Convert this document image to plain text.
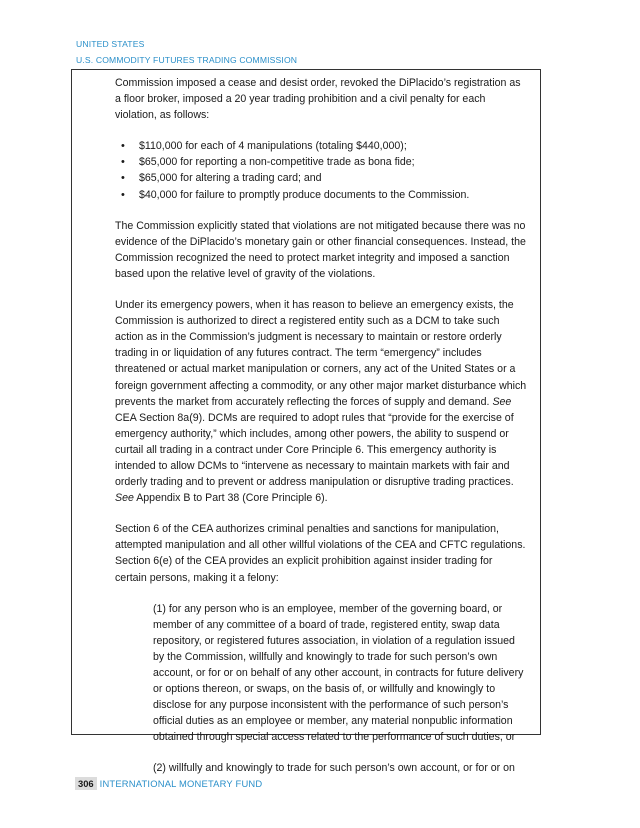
UNITED STATES
U.S. COMMODITY FUTURES TRADING COMMISSION

Commission imposed a cease and desist order, revoked the DiPlacido’s registration as a floor broker, imposed a 20 year trading prohibition and a civil penalty for each violation, as follows:

• $110,000 for each of 4 manipulations (totaling $440,000);
• $65,000 for reporting a non-competitive trade as bona fide;
• $65,000 for altering a trading card; and
• $40,000 for failure to promptly produce documents to the Commission.

The Commission explicitly stated that violations are not mitigated because there was no evidence of the DiPlacido’s monetary gain or other financial consequences. Instead, the Commission recognized the need to protect market integrity and imposed a sanction based upon the relative level of gravity of the violations.

Under its emergency powers, when it has reason to believe an emergency exists, the Commission is authorized to direct a registered entity such as a DCM to take such action as in the Commission’s judgment is necessary to maintain or restore orderly trading in or liquidation of any futures contract. The term “emergency” includes threatened or actual market manipulation or corners, any act of the United States or a foreign government affecting a commodity, or any other major market disturbance which prevents the market from accurately reflecting the forces of supply and demand. See CEA Section 8a(9). DCMs are required to adopt rules that “provide for the exercise of emergency authority,” which includes, among other powers, the ability to suspend or curtail all trading in a contract under Core Principle 6. This emergency authority is intended to allow DCMs to “intervene as necessary to maintain markets with fair and orderly trading and to prevent or address manipulation or disruptive trading practices. See Appendix B to Part 38 (Core Principle 6).

Section 6 of the CEA authorizes criminal penalties and sanctions for manipulation, attempted manipulation and all other willful violations of the CEA and CFTC regulations. Section 6(e) of the CEA provides an explicit prohibition against insider trading for certain persons, making it a felony:

(1) for any person who is an employee, member of the governing board, or member of any committee of a board of trade, registered entity, swap data repository, or registered futures association, in violation of a regulation issued by the Commission, willfully and knowingly to trade for such person’s own account, or for or on behalf of any other account, in contracts for future delivery or options thereon, or swaps, on the basis of, or willfully and knowingly to disclose for any purpose inconsistent with the performance of such person’s official duties as an employee or member, any material nonpublic information obtained through special access related to the performance of such duties, or

(2) willfully and knowingly to trade for such person’s own account, or for or on

306 INTERNATIONAL MONETARY FUND
